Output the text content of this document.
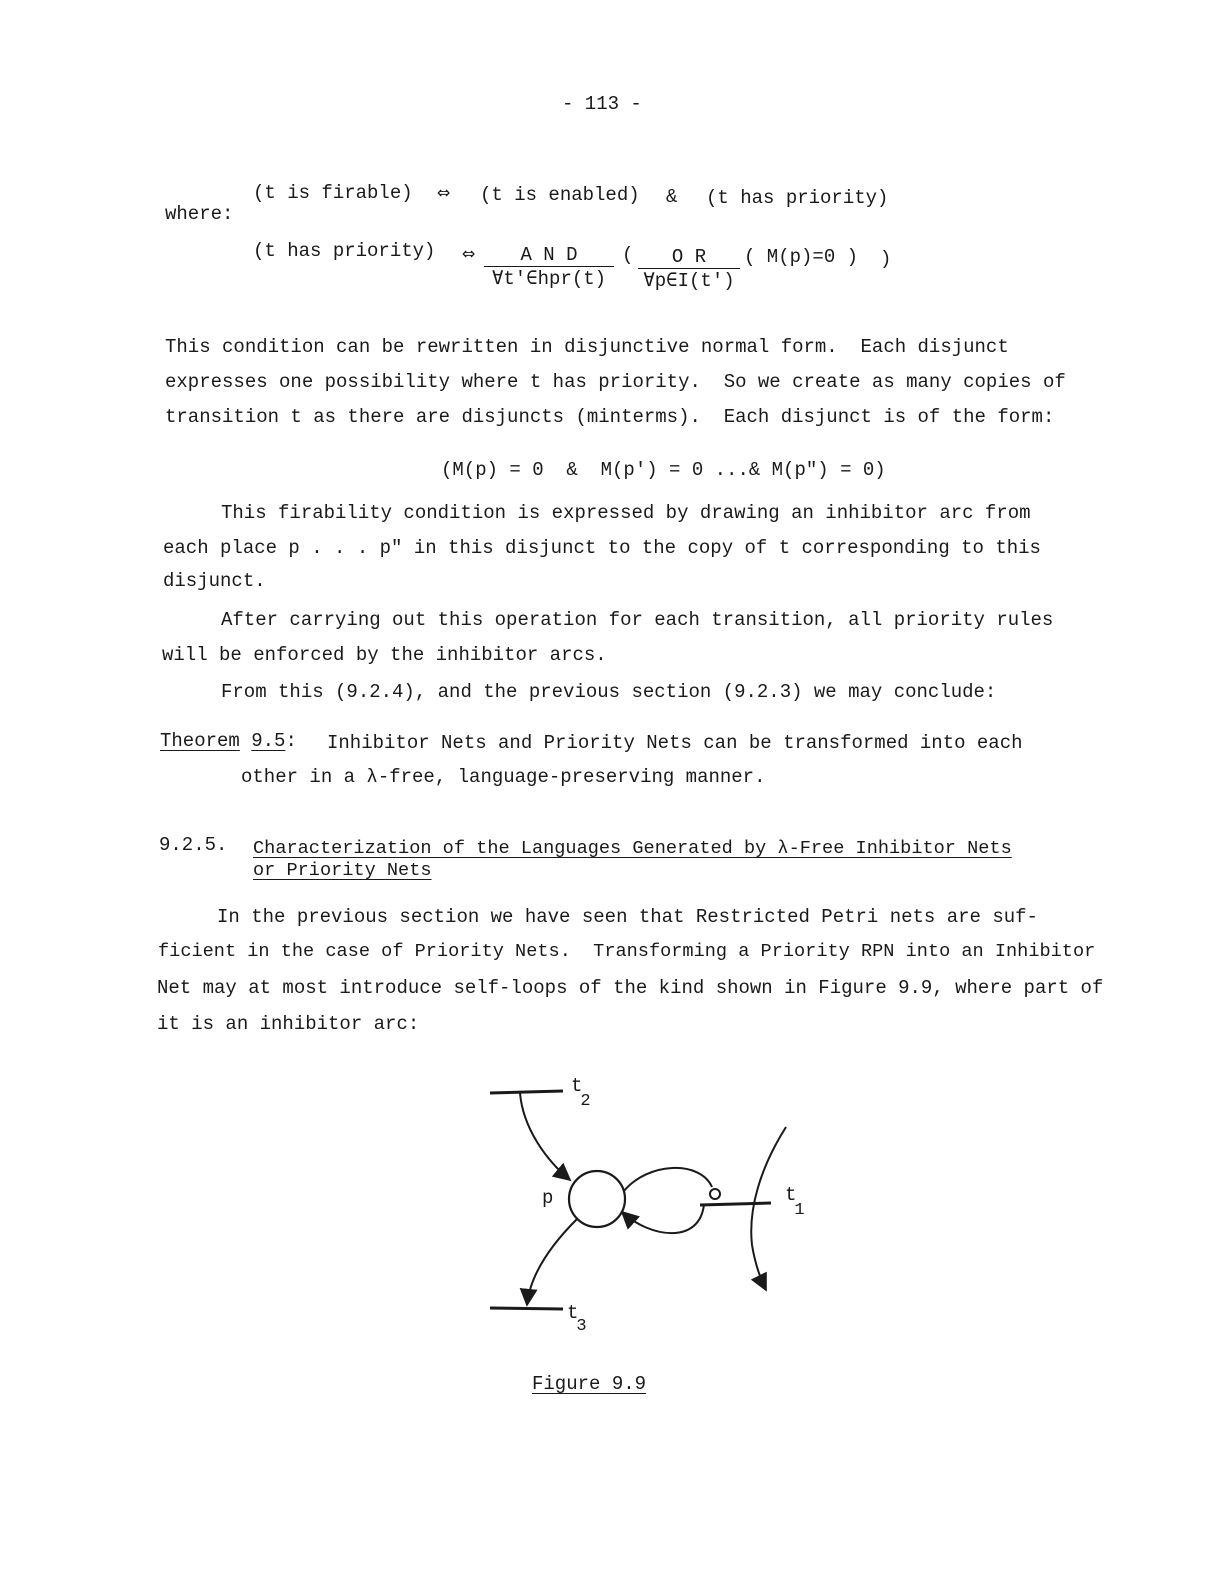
- 113 -
(t is firable) ⇔ (t is enabled) & (t has priority)
where:
(t has priority) ⇔	A N D
∀t'∈hpr(t)
(	O R
∀p∈I(t')
( M(p)=0 ) )
This condition can be rewritten in disjunctive normal form.  Each disjunct
expresses one possibility where t has priority.  So we create as many copies of
transition t as there are disjuncts (minterms).  Each disjunct is of the form:
(M(p) = 0  &  M(p') = 0 ...& M(p") = 0)
This firability condition is expressed by drawing an inhibitor arc from
each place p . . . p" in this disjunct to the copy of t corresponding to this
disjunct.
After carrying out this operation for each transition, all priority rules
will be enforced by the inhibitor arcs.
From this (9.2.4), and the previous section (9.2.3) we may conclude:
Theorem 9.5: Inhibitor Nets and Priority Nets can be transformed into each
other in a λ-free, language-preserving manner.
9.2.5. Characterization of the Languages Generated by λ-Free Inhibitor Nets
or Priority Nets
In the previous section we have seen that Restricted Petri nets are suf-
ficient in the case of Priority Nets.  Transforming a Priority RPN into an Inhibitor
Net may at most introduce self-loops of the kind shown in Figure 9.9, where part of
it is an inhibitor arc:
p
t 2
t 1
t 3
Figure 9.9
